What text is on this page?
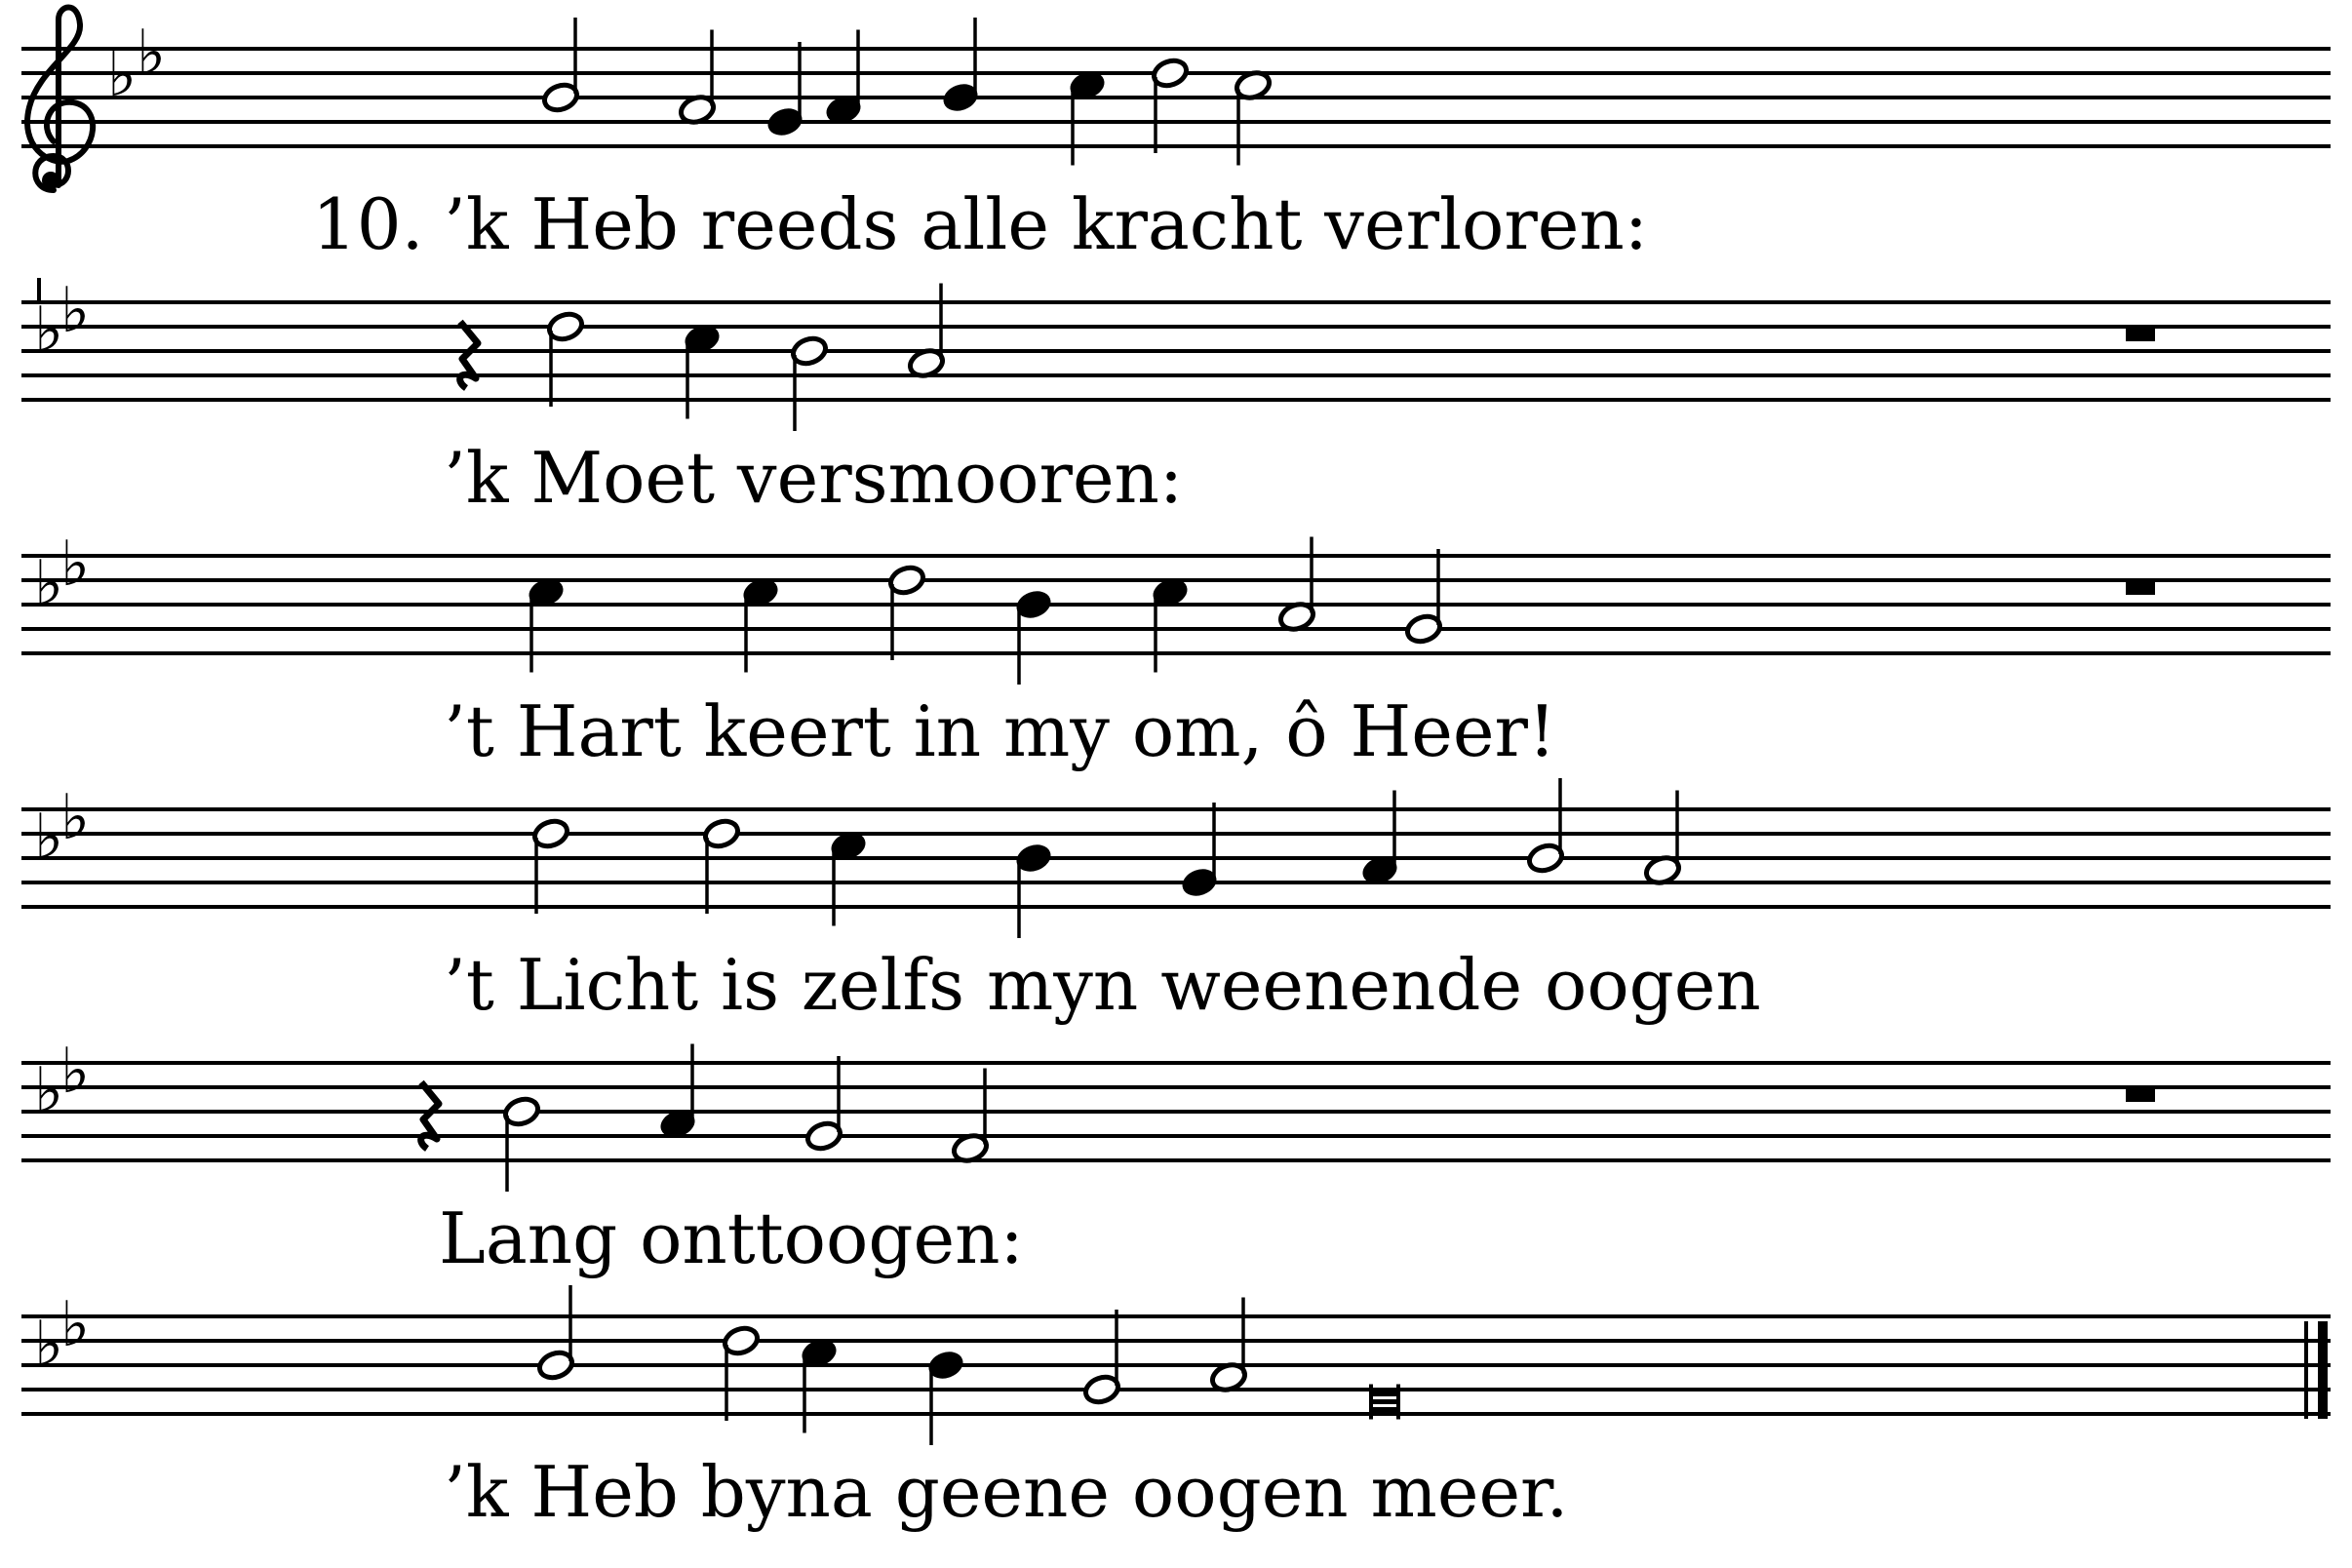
♭ ♭
10. ’k Heb reeds alle kracht verloren:
♭
♭
’k Moet versmooren:
♭
♭
’t Hart keert in my om, ô Heer!
♭
♭
’t Licht is zelfs myn weenende oogen
♭
♭
Lang onttoogen:
♭
♭
’k Heb byna geene oogen meer.
